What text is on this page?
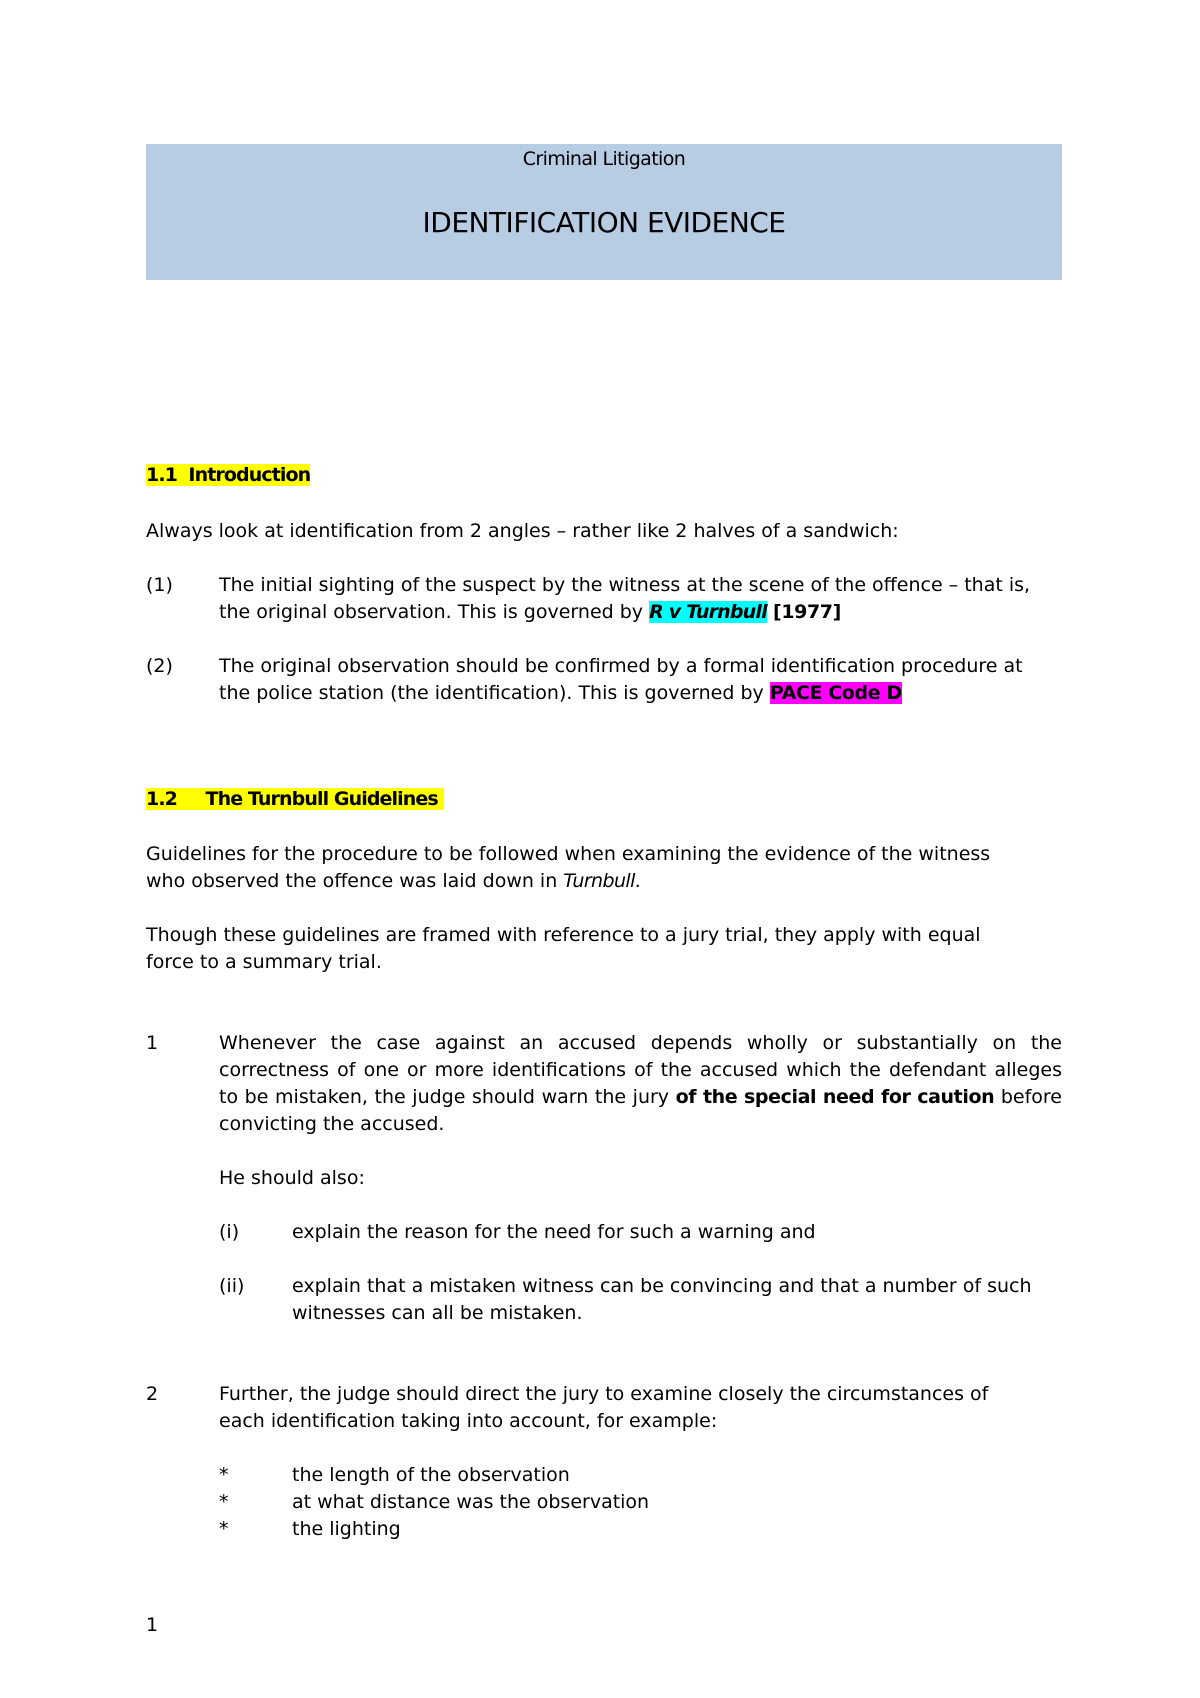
Criminal Litigation
IDENTIFICATION EVIDENCE
1.1 Introduction
Always look at identification from 2 angles – rather like 2 halves of a sandwich:
(1) The initial sighting of the suspect by the witness at the scene of the offence – that is,
the original observation. This is governed by R v Turnbull [1977]
(2) The original observation should be confirmed by a formal identification procedure at
the police station (the identification). This is governed by PACE Code D
1.2 The Turnbull Guidelines
Guidelines for the procedure to be followed when examining the evidence of the witness
who observed the offence was laid down in Turnbull.
Though these guidelines are framed with reference to a jury trial, they apply with equal
force to a summary trial.
1	Whenever the case against an accused depends wholly or substantially on the correctness of one or more identifications of the accused which the defendant alleges to be mistaken, the judge should warn the jury of the special need for caution before convicting the accused.
He should also:
(i)	explain the reason for the need for such a warning and
(ii)	explain that a mistaken witness can be convincing and that a number of such
witnesses can all be mistaken.
2	Further, the judge should direct the jury to examine closely the circumstances of
each identification taking into account, for example:
*	the length of the observation
*	at what distance was the observation
*	the lighting
1
